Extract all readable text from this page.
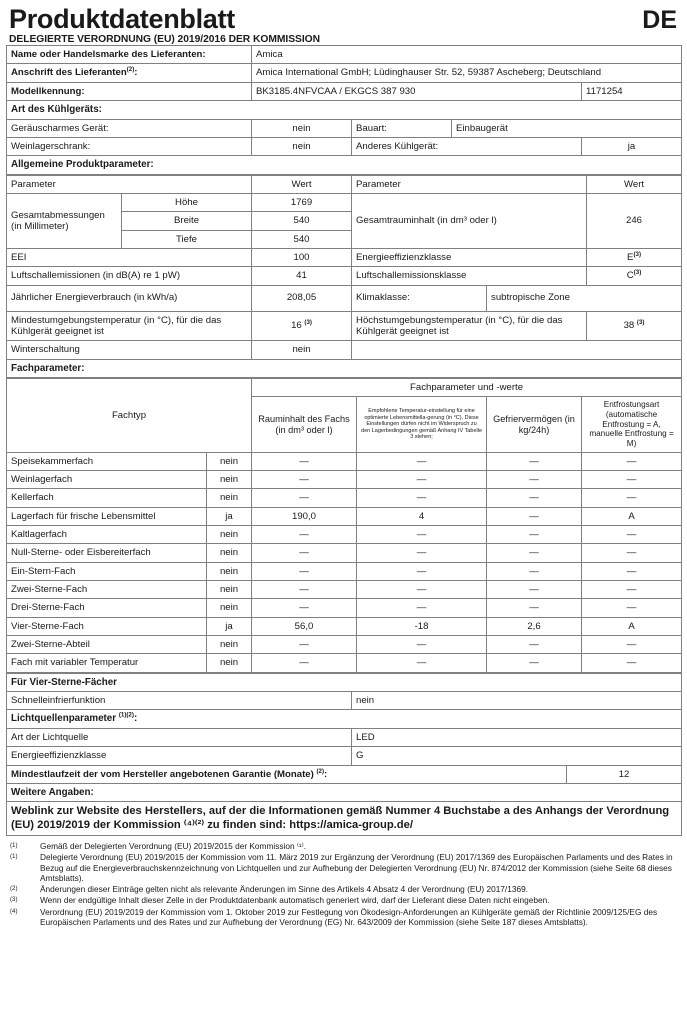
Produktdatenblatt
DELEGIERTE VERORDNUNG (EU) 2019/2016 DER KOMMISSION
DE
Name oder Handelsmarke des Lieferanten:	Amica			
Anschrift des Lieferanten$^{(2)}$:	Amica International GmbH; Lüdinghauser Str. 52, 59387 Ascheberg; Deutschland			
Modellkennung:	BK3185.4NFVCAA / EKGCS 387 930			1171254
Art des Kühlgeräts:				
Geräuscharmes Gerät:	nein	Bauart:	Einbaugerät	
Weinlagerschrank:	nein	Anderes Kühlgerät:		ja
Allgemeine Produktparameter:				
Parameter		Wert	Parameter		Wert
Gesamtabmessungen (in Millimeter)	Höhe	1769	Gesamtrauminhalt (in dm³ oder l)		246
	Breite	540			
	Tiefe	540			
EEI		100	Energieeffizienzklasse		$E^{(3)}$
Luftschallemissionen (in dB(A) re 1 pW)		41	Luftschallemissionsklasse		$C^{(3)}$
Jährlicher Energieverbrauch (in kWh/a)		208,05	Klimaklasse:	subtropische Zone	
Mindestumgebungstemperatur (in °C), für die das Kühlgerät geeignet ist		16 $^{(3)}$	Höchstumgebungstemperatur (in °C), für die das Kühlgerät geeignet ist		38 $^{(3)}$
Winterschaltung		nein			
Fachparameter:					
Fachtyp		Fachparameter und -werte			
		Rauminhalt des Fachs (in dm³ oder l)	Empfohlene Temperatur-einstellung für eine optimierte Lebensmittella-gerung (in °C). Diese Einstellungen dürfen nicht im Widerspruch zu den Lagerbedingungen gemäß Anhang IV Tabelle 3 stehen;	Gefriervermögen (in kg/24h)	Entfrostungsart (automatische Entfrostung = A, manuelle Entfrostung = M)
Speisekammerfach	nein	—	—	—	—
Weinlagerfach	nein	—	—	—	—
Kellerfach	nein	—	—	—	—
Lagerfach für frische Lebensmittel	ja	190,0	4	—	A
Kaltlagerfach	nein	—	—	—	—
Null-Sterne- oder Eisbereiterfach	nein	—	—	—	—
Ein-Stern-Fach	nein	—	—	—	—
Zwei-Sterne-Fach	nein	—	—	—	—
Drei-Sterne-Fach	nein	—	—	—	—
Vier-Sterne-Fach	ja	56,0	-18	2,6	A
Zwei-Sterne-Abteil	nein	—	—	—	—
Fach mit variabler Temperatur	nein	—	—	—	—
Für Vier-Sterne-Fächer		
Schnelleinfrierfunktion	nein	
Lichtquellenparameter $^{(1)(2)}$:		
Art der Lichtquelle	LED	
Energieeffizienzklasse	G	
Mindestlaufzeit der vom Hersteller angebotenen Garantie (Monate) $^{(2)}$:		12
Weitere Angaben:		
Weblink zur Website des Herstellers, auf der die Informationen gemäß Nummer 4 Buchstabe a des Anhangs der Verordnung (EU) 2019/2019 der Kommission ⁽⁴⁾⁽²⁾ zu finden sind: https://amica-group.de/		
(1)	Gemäß der Delegierten Verordnung (EU) 2019/2015 der Kommission ⁽¹⁾.
(1)	Delegierte Verordnung (EU) 2019/2015 der Kommission vom 11. März 2019 zur Ergänzung der Verordnung (EU) 2017/1369 des Europäischen Parlaments und des Rates in Bezug auf die Energieverbrauchskennzeichnung von Lichtquellen und zur Aufhebung der Delegierten Verordnung (EU) Nr. 874/2012 der Kommission (siehe Seite 68 dieses Amtsblatts).
(2)	Änderungen dieser Einträge gelten nicht als relevante Änderungen im Sinne des Artikels 4 Absatz 4 der Verordnung (EU) 2017/1369.
(3)	Wenn der endgültige Inhalt dieser Zelle in der Produktdatenbank automatisch generiert wird, darf der Lieferant diese Daten nicht eingeben.
(4)	Verordnung (EU) 2019/2019 der Kommission vom 1. Oktober 2019 zur Festlegung von Ökodesign-Anforderungen an Kühlgeräte gemäß der Richtlinie 2009/125/EG des Europäischen Parlaments und des Rates und zur Aufhebung der Verordnung (EG) Nr. 643/2009 der Kommission (siehe Seite 187 dieses Amtsblatts).
